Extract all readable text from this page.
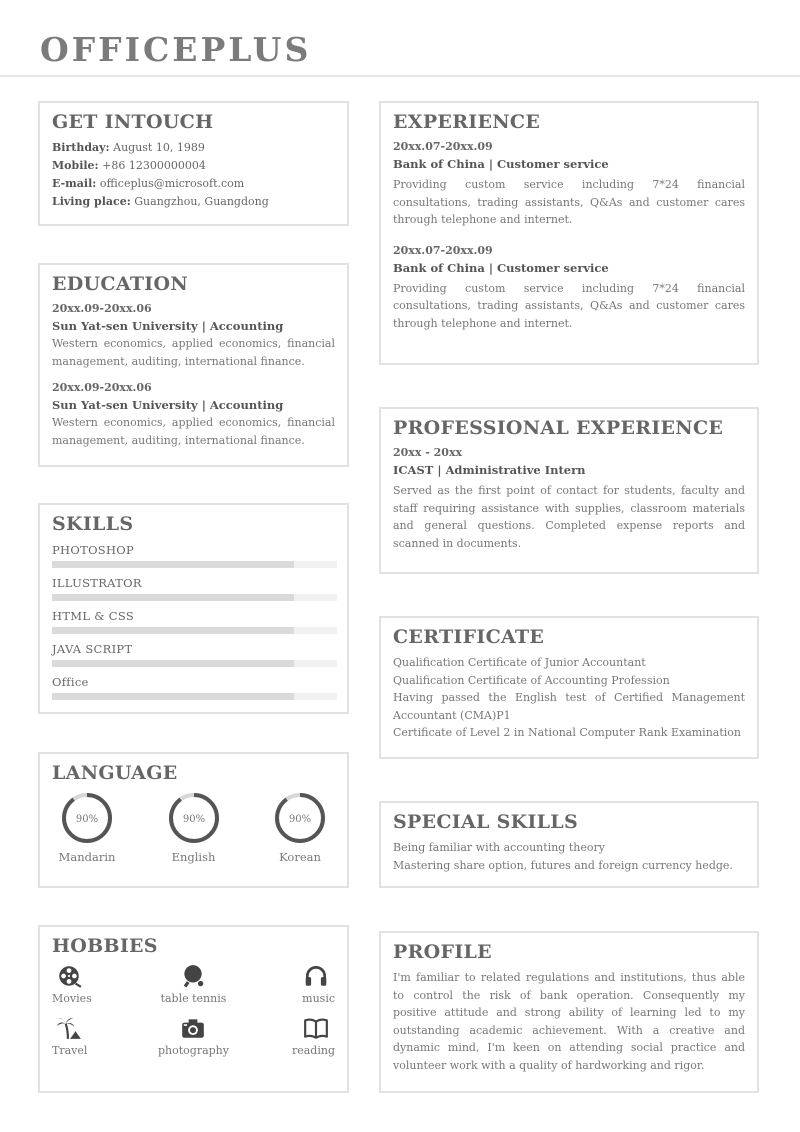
OFFICEPLUS
GET INTOUCH
Birthday: August 10, 1989
Mobile: +86 12300000004
E-mail: officeplus@microsoft.com
Living place: Guangzhou, Guangdong
EDUCATION
20xx.09-20xx.06
Sun Yat-sen University | Accounting
Western economics, applied economics, financial management, auditing, international finance.
20xx.09-20xx.06
Sun Yat-sen University | Accounting
Western economics, applied economics, financial management, auditing, international finance.
SKILLS
PHOTOSHOP
ILLUSTRATOR
HTML & CSS
JAVA SCRIPT
Office
LANGUAGE
90%
Mandarin
90%
English
90%
Korean
HOBBIES
Movies	table tennis	music
Travel	photography	reading
EXPERIENCE
20xx.07-20xx.09
Bank of China | Customer service
Providing custom service including 7*24 financial consultations, trading assistants, Q&As and customer cares through telephone and internet.
20xx.07-20xx.09
Bank of China | Customer service
Providing custom service including 7*24 financial consultations, trading assistants, Q&As and customer cares through telephone and internet.
PROFESSIONAL EXPERIENCE
20xx - 20xx
ICAST | Administrative Intern
Served as the first point of contact for students, faculty and staff requiring assistance with supplies, classroom materials and general questions. Completed expense reports and scanned in documents.
CERTIFICATE
Qualification Certificate of Junior Accountant
Qualification Certificate of Accounting Profession
Having passed the English test of Certified Management Accountant (CMA)P1
Certificate of Level 2 in National Computer Rank Examination
SPECIAL SKILLS
Being familiar with accounting theory
Mastering share option, futures and foreign currency hedge.
PROFILE
I'm familiar to related regulations and institutions, thus able to control the risk of bank operation. Consequently my positive attitude and strong ability of learning led to my outstanding academic achievement. With a creative and dynamic mind, I'm keen on attending social practice and volunteer work with a quality of hardworking and rigor.
